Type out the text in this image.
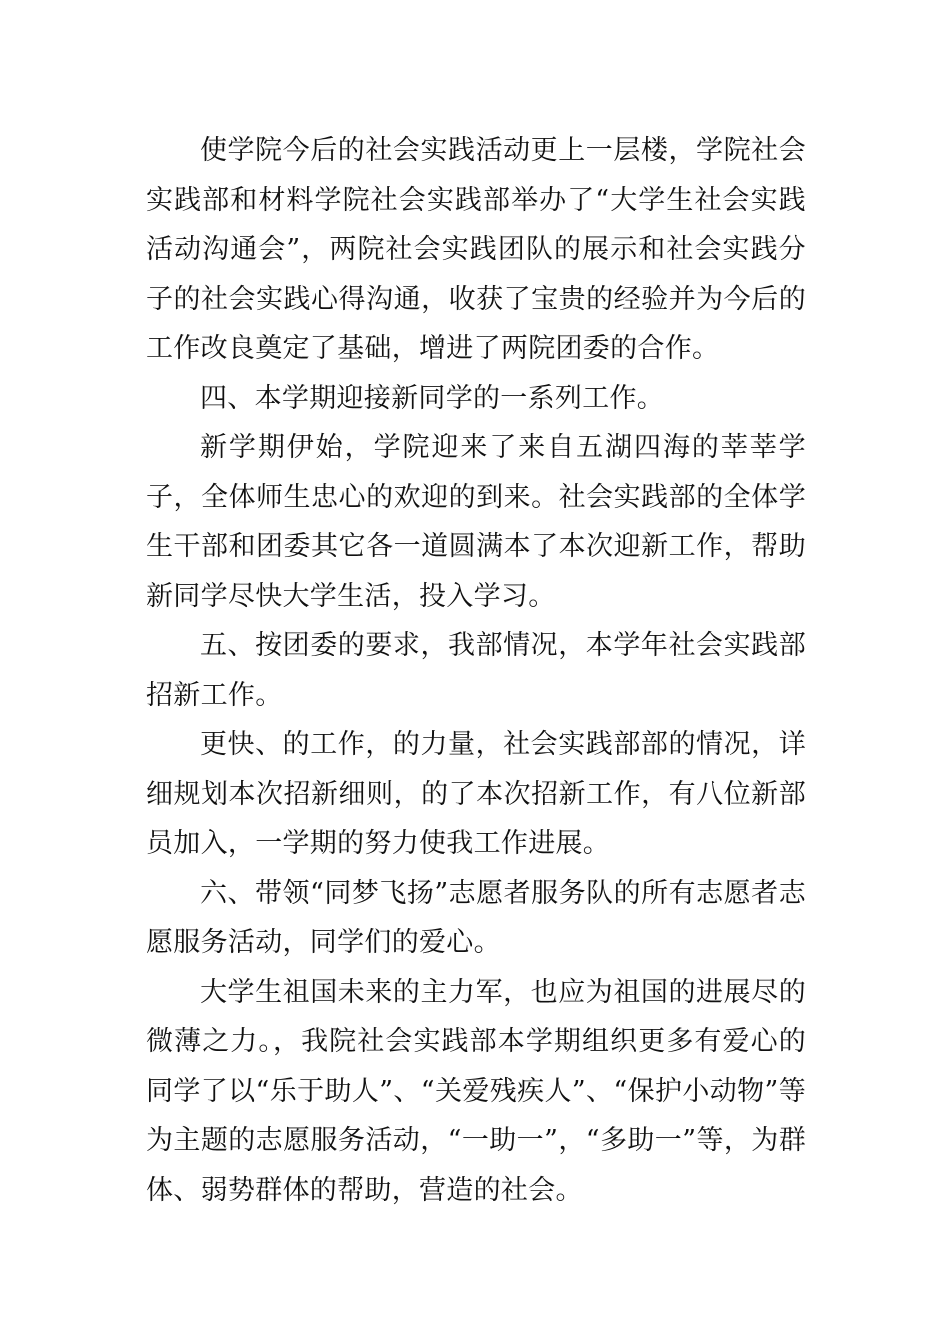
使学院今后的社会实践活动更上一层楼，学院社会实践部和材料学院社会实践部举办了“大学生社会实践活动沟通会”，两院社会实践团队的展示和社会实践分子的社会实践心得沟通，收获了宝贵的经验并为今后的工作改良奠定了基础，增进了两院团委的合作。

四、本学期迎接新同学的一系列工作。

新学期伊始，学院迎来了来自五湖四海的莘莘学子，全体师生忠心的欢迎的到来。社会实践部的全体学生干部和团委其它各一道圆满本了本次迎新工作，帮助新同学尽快大学生活，投入学习。

五、按团委的要求，我部情况，本学年社会实践部招新工作。

更快、的工作，的力量，社会实践部部的情况，详细规划本次招新细则，的了本次招新工作，有八位新部员加入，一学期的努力使我工作进展。

六、带领“同梦飞扬”志愿者服务队的所有志愿者志愿服务活动，同学们的爱心。

大学生祖国未来的主力军，也应为祖国的进展尽的微薄之力。，我院社会实践部本学期组织更多有爱心的同学了以“乐于助人”、“关爱残疾人”、“保护小动物”等为主题的志愿服务活动，“一助一”，“多助一”等，为群体、弱势群体的帮助，营造的社会。
